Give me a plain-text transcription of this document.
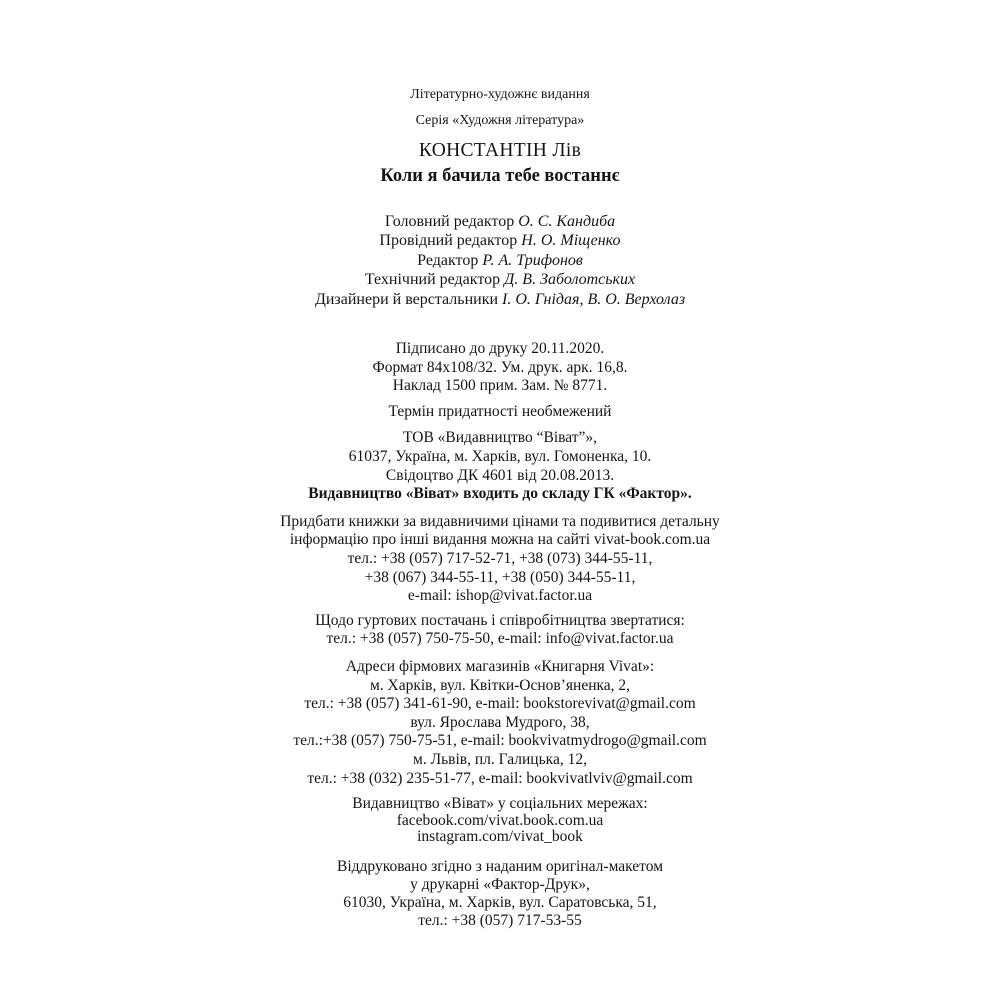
Літературно-художнє видання
Серія «Художня література»
КОНСТАНТІН Лів
Коли я бачила тебе востаннє
Головний редактор О. С. Кандиба
Провідний редактор Н. О. Міщенко
Редактор Р. А. Трифонов
Технічний редактор Д. В. Заболотських
Дизайнери й верстальники І. О. Гнідая, В. О. Верхолаз
Підписано до друку 20.11.2020.
Формат 84х108/32. Ум. друк. арк. 16,8.
Наклад 1500 прим. Зам. № 8771.
Термін придатності необмежений
ТОВ «Видавництво “Віват”»,
61037, Україна, м. Харків, вул. Гомоненка, 10.
Свідоцтво ДК 4601 від 20.08.2013.
Видавництво «Віват» входить до складу ГК «Фактор».
Придбати книжки за видавничими цінами та подивитися детальну
інформацію про інші видання можна на сайті vivat-book.com.ua
тел.: +38 (057) 717-52-71, +38 (073) 344-55-11,
+38 (067) 344-55-11, +38 (050) 344-55-11,
e-mail: ishop@vivat.factor.ua
Щодо гуртових постачань і співробітництва звертатися:
тел.: +38 (057) 750-75-50, e-mail: info@vivat.factor.ua
Адреси фірмових магазинів «Книгарня Vivat»:
м. Харків, вул. Квітки-Основ’яненка, 2,
тел.: +38 (057) 341-61-90, e-mail: bookstorevivat@gmail.com
вул. Ярослава Мудрого, 38,
тел.:+38 (057) 750-75-51, e-mail: bookvivatmydrogo@gmail.com
м. Львів, пл. Галицька, 12,
тел.: +38 (032) 235-51-77, e-mail: bookvivatlviv@gmail.com
Видавництво «Віват» у соціальних мережах:
facebook.com/vivat.book.com.ua
instagram.com/vivat_book
Віддруковано згідно з наданим оригінал-макетом
у друкарні «Фактор-Друк»,
61030, Україна, м. Харків, вул. Саратовська, 51,
тел.: +38 (057) 717-53-55
